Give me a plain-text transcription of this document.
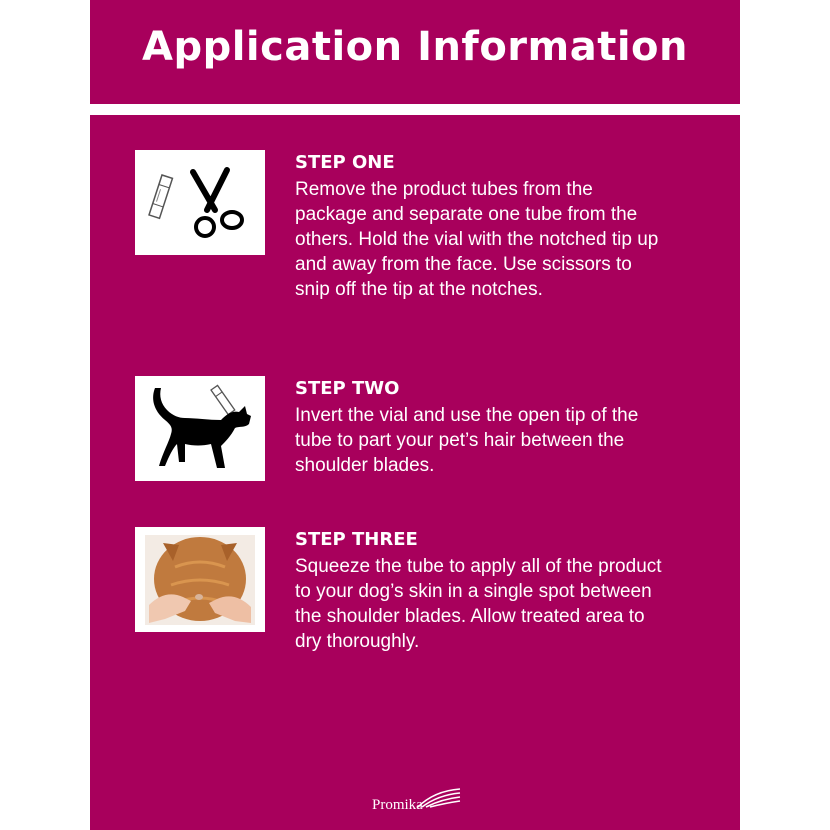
Application Information
STEP ONE

Remove the product tubes from the package and separate one tube from the others. Hold the vial with the notched tip up and away from the face. Use scissors to snip off the tip at the notches.

STEP TWO

Invert the vial and use the open tip of the tube to part your pet’s hair between the shoulder blades.

STEP THREE

Squeeze the tube to apply all of the product to your dog’s skin in a single spot between the shoulder blades. Allow treated area to dry thoroughly.

Promika
